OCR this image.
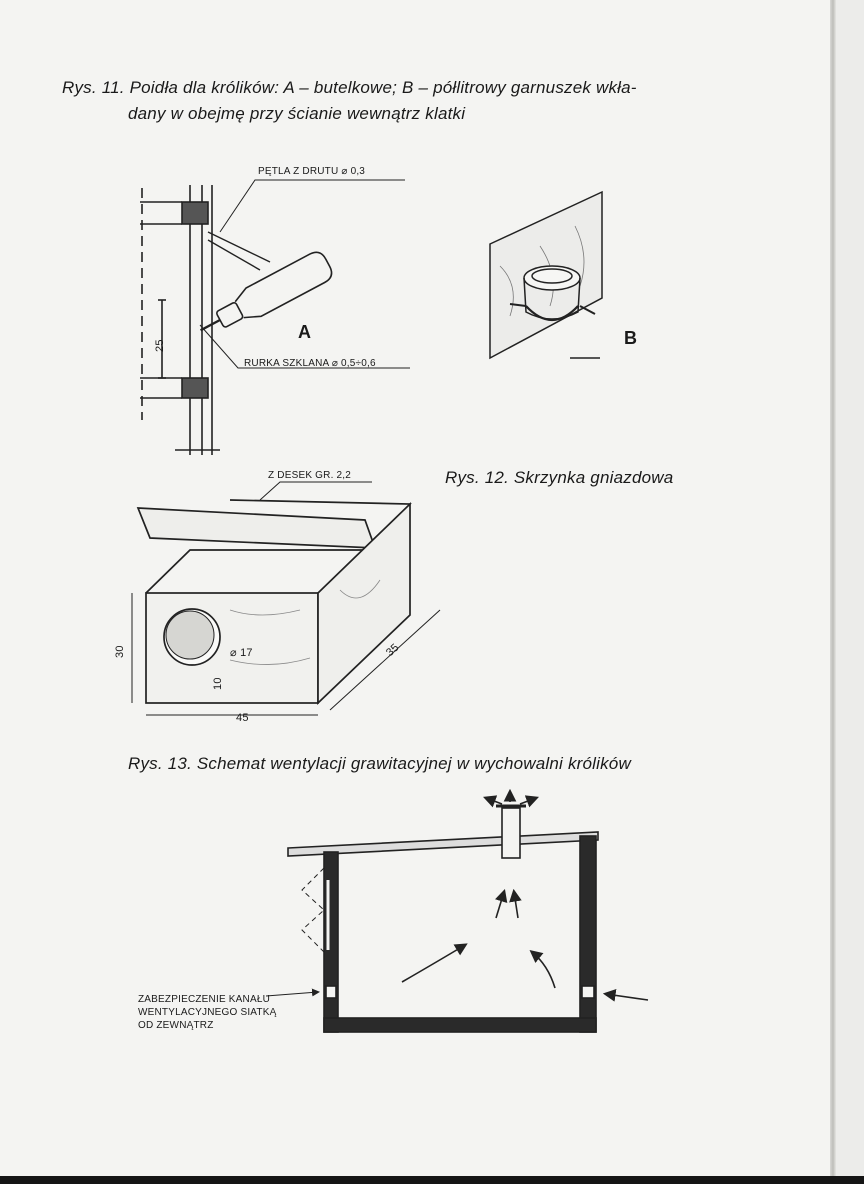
Rys. 11. Poidła dla królików: A – butelkowe; B – półlitrowy garnuszek wkła-
dany w obejmę przy ścianie wewnątrz klatki
PĘTLA Z DRUTU ⌀ 0,3
RURKA SZKLANA ⌀ 0,5÷0,6
25
A	B
Rys. 12. Skrzynka gniazdowa
Z DESEK GR. 2,2
30	⌀ 17
10
45
35
Rys. 13. Schemat wentylacji grawitacyjnej w wychowalni królików
ZABEZPIECZENIE KANAŁU
WENTYLACYJNEGO SIATKĄ
OD ZEWNĄTRZ
